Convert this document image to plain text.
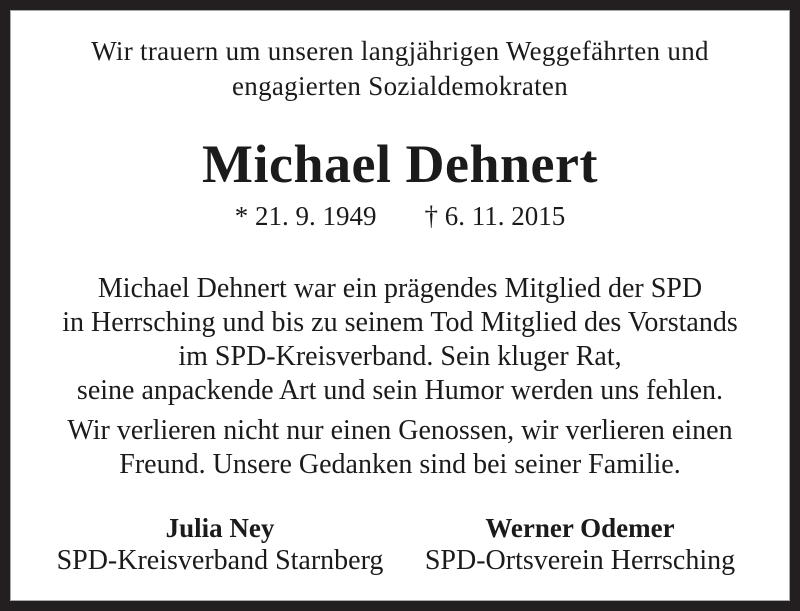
Wir trauern um unseren langjährigen Weggefährten und
engagierten Sozialdemokraten
Michael Dehnert
* 21. 9. 1949 † 6. 11. 2015
Michael Dehnert war ein prägendes Mitglied der SPD
in Herrsching und bis zu seinem Tod Mitglied des Vorstands
im SPD-Kreisverband. Sein kluger Rat,
seine anpackende Art und sein Humor werden uns fehlen.
Wir verlieren nicht nur einen Genossen, wir verlieren einen
Freund. Unsere Gedanken sind bei seiner Familie.
Julia Ney
SPD-Kreisverband Starnberg
Werner Odemer
SPD-Ortsverein Herrsching
